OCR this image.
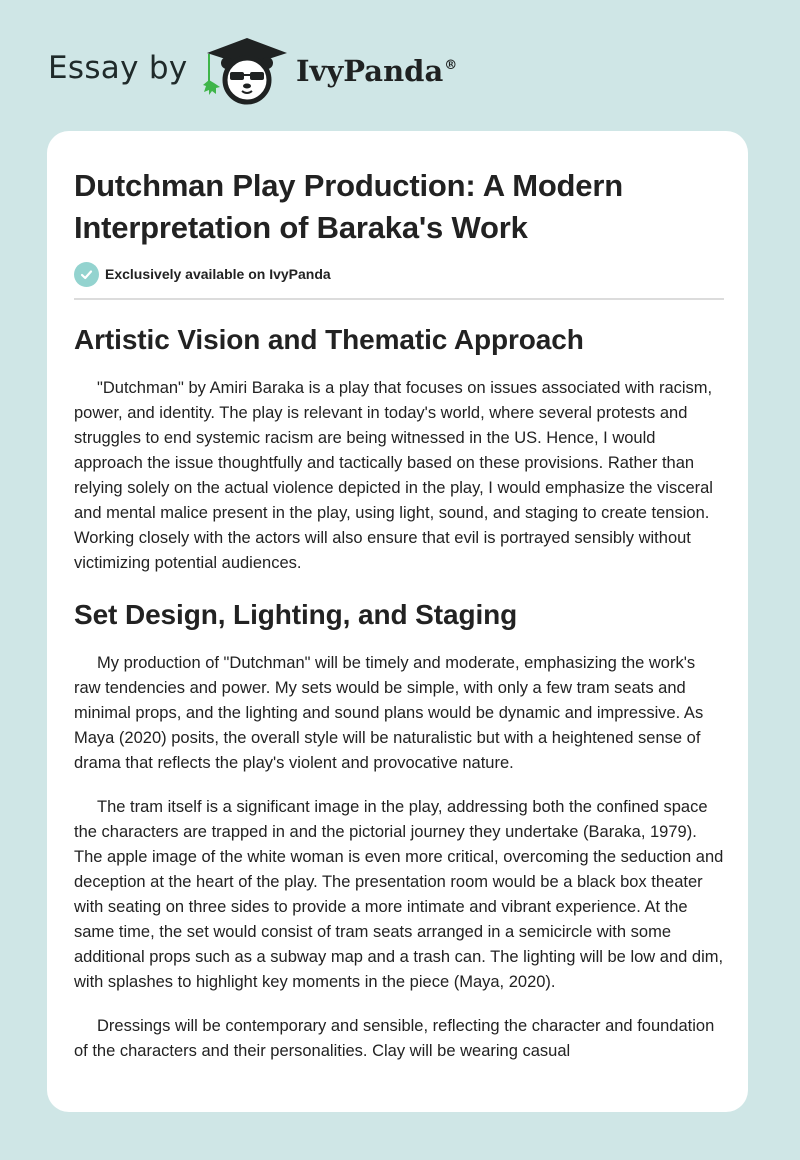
Essay by	IvyPanda®
Dutchman Play Production: A Modern Interpretation of Baraka's Work
Exclusively available on IvyPanda
Artistic Vision and Thematic Approach

"Dutchman" by Amiri Baraka is a play that focuses on issues associated with racism, power, and identity. The play is relevant in today's world, where several protests and struggles to end systemic racism are being witnessed in the US. Hence, I would approach the issue thoughtfully and tactically based on these provisions. Rather than relying solely on the actual violence depicted in the play, I would emphasize the visceral and mental malice present in the play, using light, sound, and staging to create tension. Working closely with the actors will also ensure that evil is portrayed sensibly without victimizing potential audiences.

Set Design, Lighting, and Staging

My production of "Dutchman" will be timely and moderate, emphasizing the work's raw tendencies and power. My sets would be simple, with only a few tram seats and minimal props, and the lighting and sound plans would be dynamic and impressive. As Maya (2020) posits, the overall style will be naturalistic but with a heightened sense of drama that reflects the play's violent and provocative nature.

The tram itself is a significant image in the play, addressing both the confined space the characters are trapped in and the pictorial journey they undertake (Baraka, 1979). The apple image of the white woman is even more critical, overcoming the seduction and deception at the heart of the play. The presentation room would be a black box theater with seating on three sides to provide a more intimate and vibrant experience. At the same time, the set would consist of tram seats arranged in a semicircle with some additional props such as a subway map and a trash can. The lighting will be low and dim, with splashes to highlight key moments in the piece (Maya, 2020).

Dressings will be contemporary and sensible, reflecting the character and foundation of the characters and their personalities. Clay will be wearing casual
